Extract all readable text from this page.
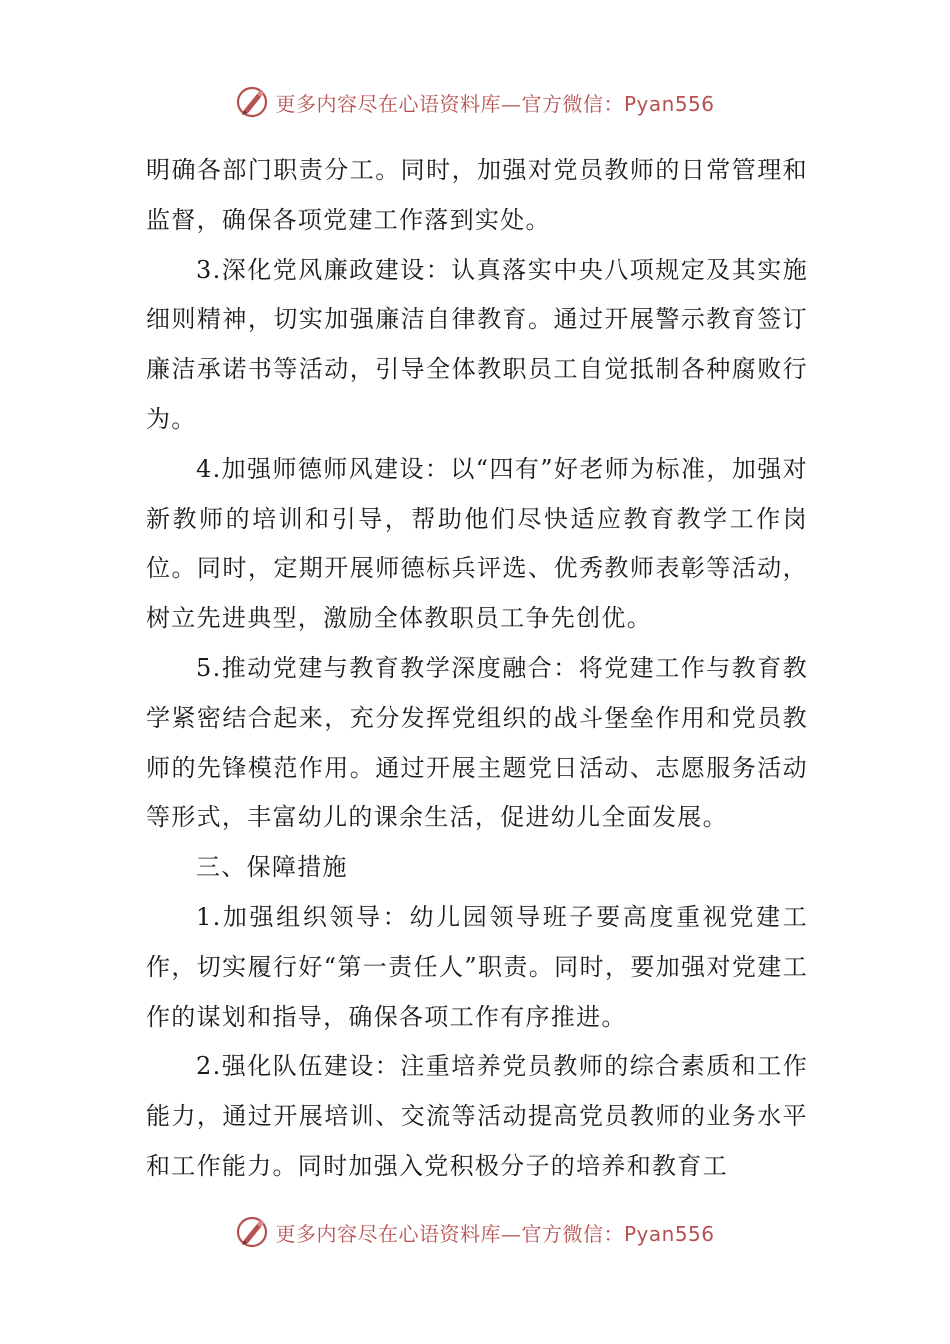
更多内容尽在心语资料库—官方微信：Pyan556

明确各部门职责分工。同时，加强对党员教师的日常管理和监督，确保各项党建工作落到实处。

3.深化党风廉政建设：认真落实中央八项规定及其实施细则精神，切实加强廉洁自律教育。通过开展警示教育签订廉洁承诺书等活动，引导全体教职员工自觉抵制各种腐败行为。

4.加强师德师风建设：以“四有”好老师为标准，加强对新教师的培训和引导，帮助他们尽快适应教育教学工作岗位。同时，定期开展师德标兵评选、优秀教师表彰等活动，树立先进典型，激励全体教职员工争先创优。

5.推动党建与教育教学深度融合：将党建工作与教育教学紧密结合起来，充分发挥党组织的战斗堡垒作用和党员教师的先锋模范作用。通过开展主题党日活动、志愿服务活动等形式，丰富幼儿的课余生活，促进幼儿全面发展。

三、保障措施

1.加强组织领导：幼儿园领导班子要高度重视党建工作，切实履行好“第一责任人”职责。同时，要加强对党建工作的谋划和指导，确保各项工作有序推进。

2.强化队伍建设：注重培养党员教师的综合素质和工作能力，通过开展培训、交流等活动提高党员教师的业务水平和工作能力。同时加强入党积极分子的培养和教育工

更多内容尽在心语资料库—官方微信：Pyan556
